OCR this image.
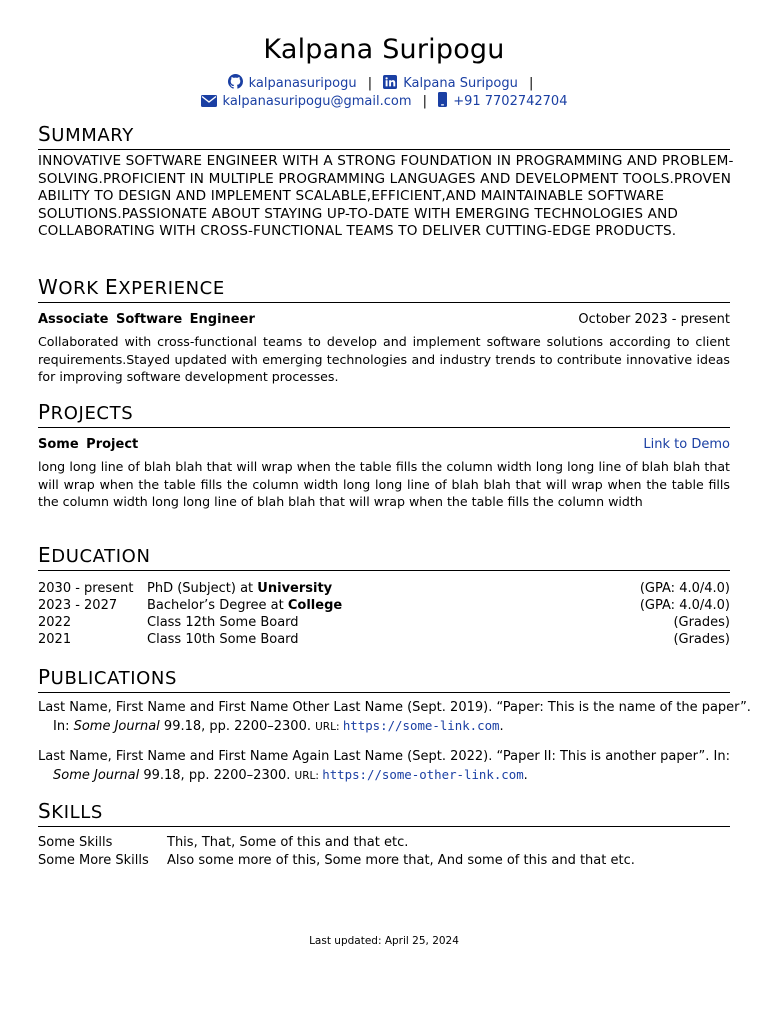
Kalpana Suripogu
kalpanasuripogu | Kalpana Suripogu |
kalpanasuripogu@gmail.com | +91 7702742704
SUMMARY
INNOVATIVE SOFTWARE ENGINEER WITH A STRONG FOUNDATION IN PROGRAMMING AND PROBLEM-SOLVING.PROFICIENT IN MULTIPLE PROGRAMMING LANGUAGES AND DEVELOPMENT TOOLS.PROVEN ABILITY TO DESIGN AND IMPLEMENT SCALABLE,EFFICIENT,AND MAINTAINABLE SOFTWARE SOLUTIONS.PASSIONATE ABOUT STAYING UP-TO-DATE WITH EMERGING TECHNOLOGIES AND COLLABORATING WITH CROSS-FUNCTIONAL TEAMS TO DELIVER CUTTING-EDGE PRODUCTS.
WORK EXPERIENCE
Associate Software Engineer	October 2023 - present
Collaborated with cross-functional teams to develop and implement software solutions according to client requirements.Stayed updated with emerging technologies and industry trends to contribute innovative ideas for improving software development processes.
PROJECTS
Some Project	Link to Demo
long long line of blah blah that will wrap when the table fills the column width long long line of blah blah that will wrap when the table fills the column width long long line of blah blah that will wrap when the table fills the column width long long line of blah blah that will wrap when the table fills the column width
EDUCATION
2030 - present	PhD (Subject) at University	(GPA: 4.0/4.0)
2023 - 2027	Bachelor’s Degree at College	(GPA: 4.0/4.0)
2022	Class 12th Some Board	(Grades)
2021	Class 10th Some Board	(Grades)
PUBLICATIONS
Last Name, First Name and First Name Other Last Name (Sept. 2019). “Paper: This is the name of the paper”. In: Some Journal 99.18, pp. 2200–2300. URL: https://some-link.com.
Last Name, First Name and First Name Again Last Name (Sept. 2022). “Paper II: This is another paper”. In: Some Journal 99.18, pp. 2200–2300. URL: https://some-other-link.com.
SKILLS
Some Skills	This, That, Some of this and that etc.
Some More Skills	Also some more of this, Some more that, And some of this and that etc.
Last updated: April 25, 2024
